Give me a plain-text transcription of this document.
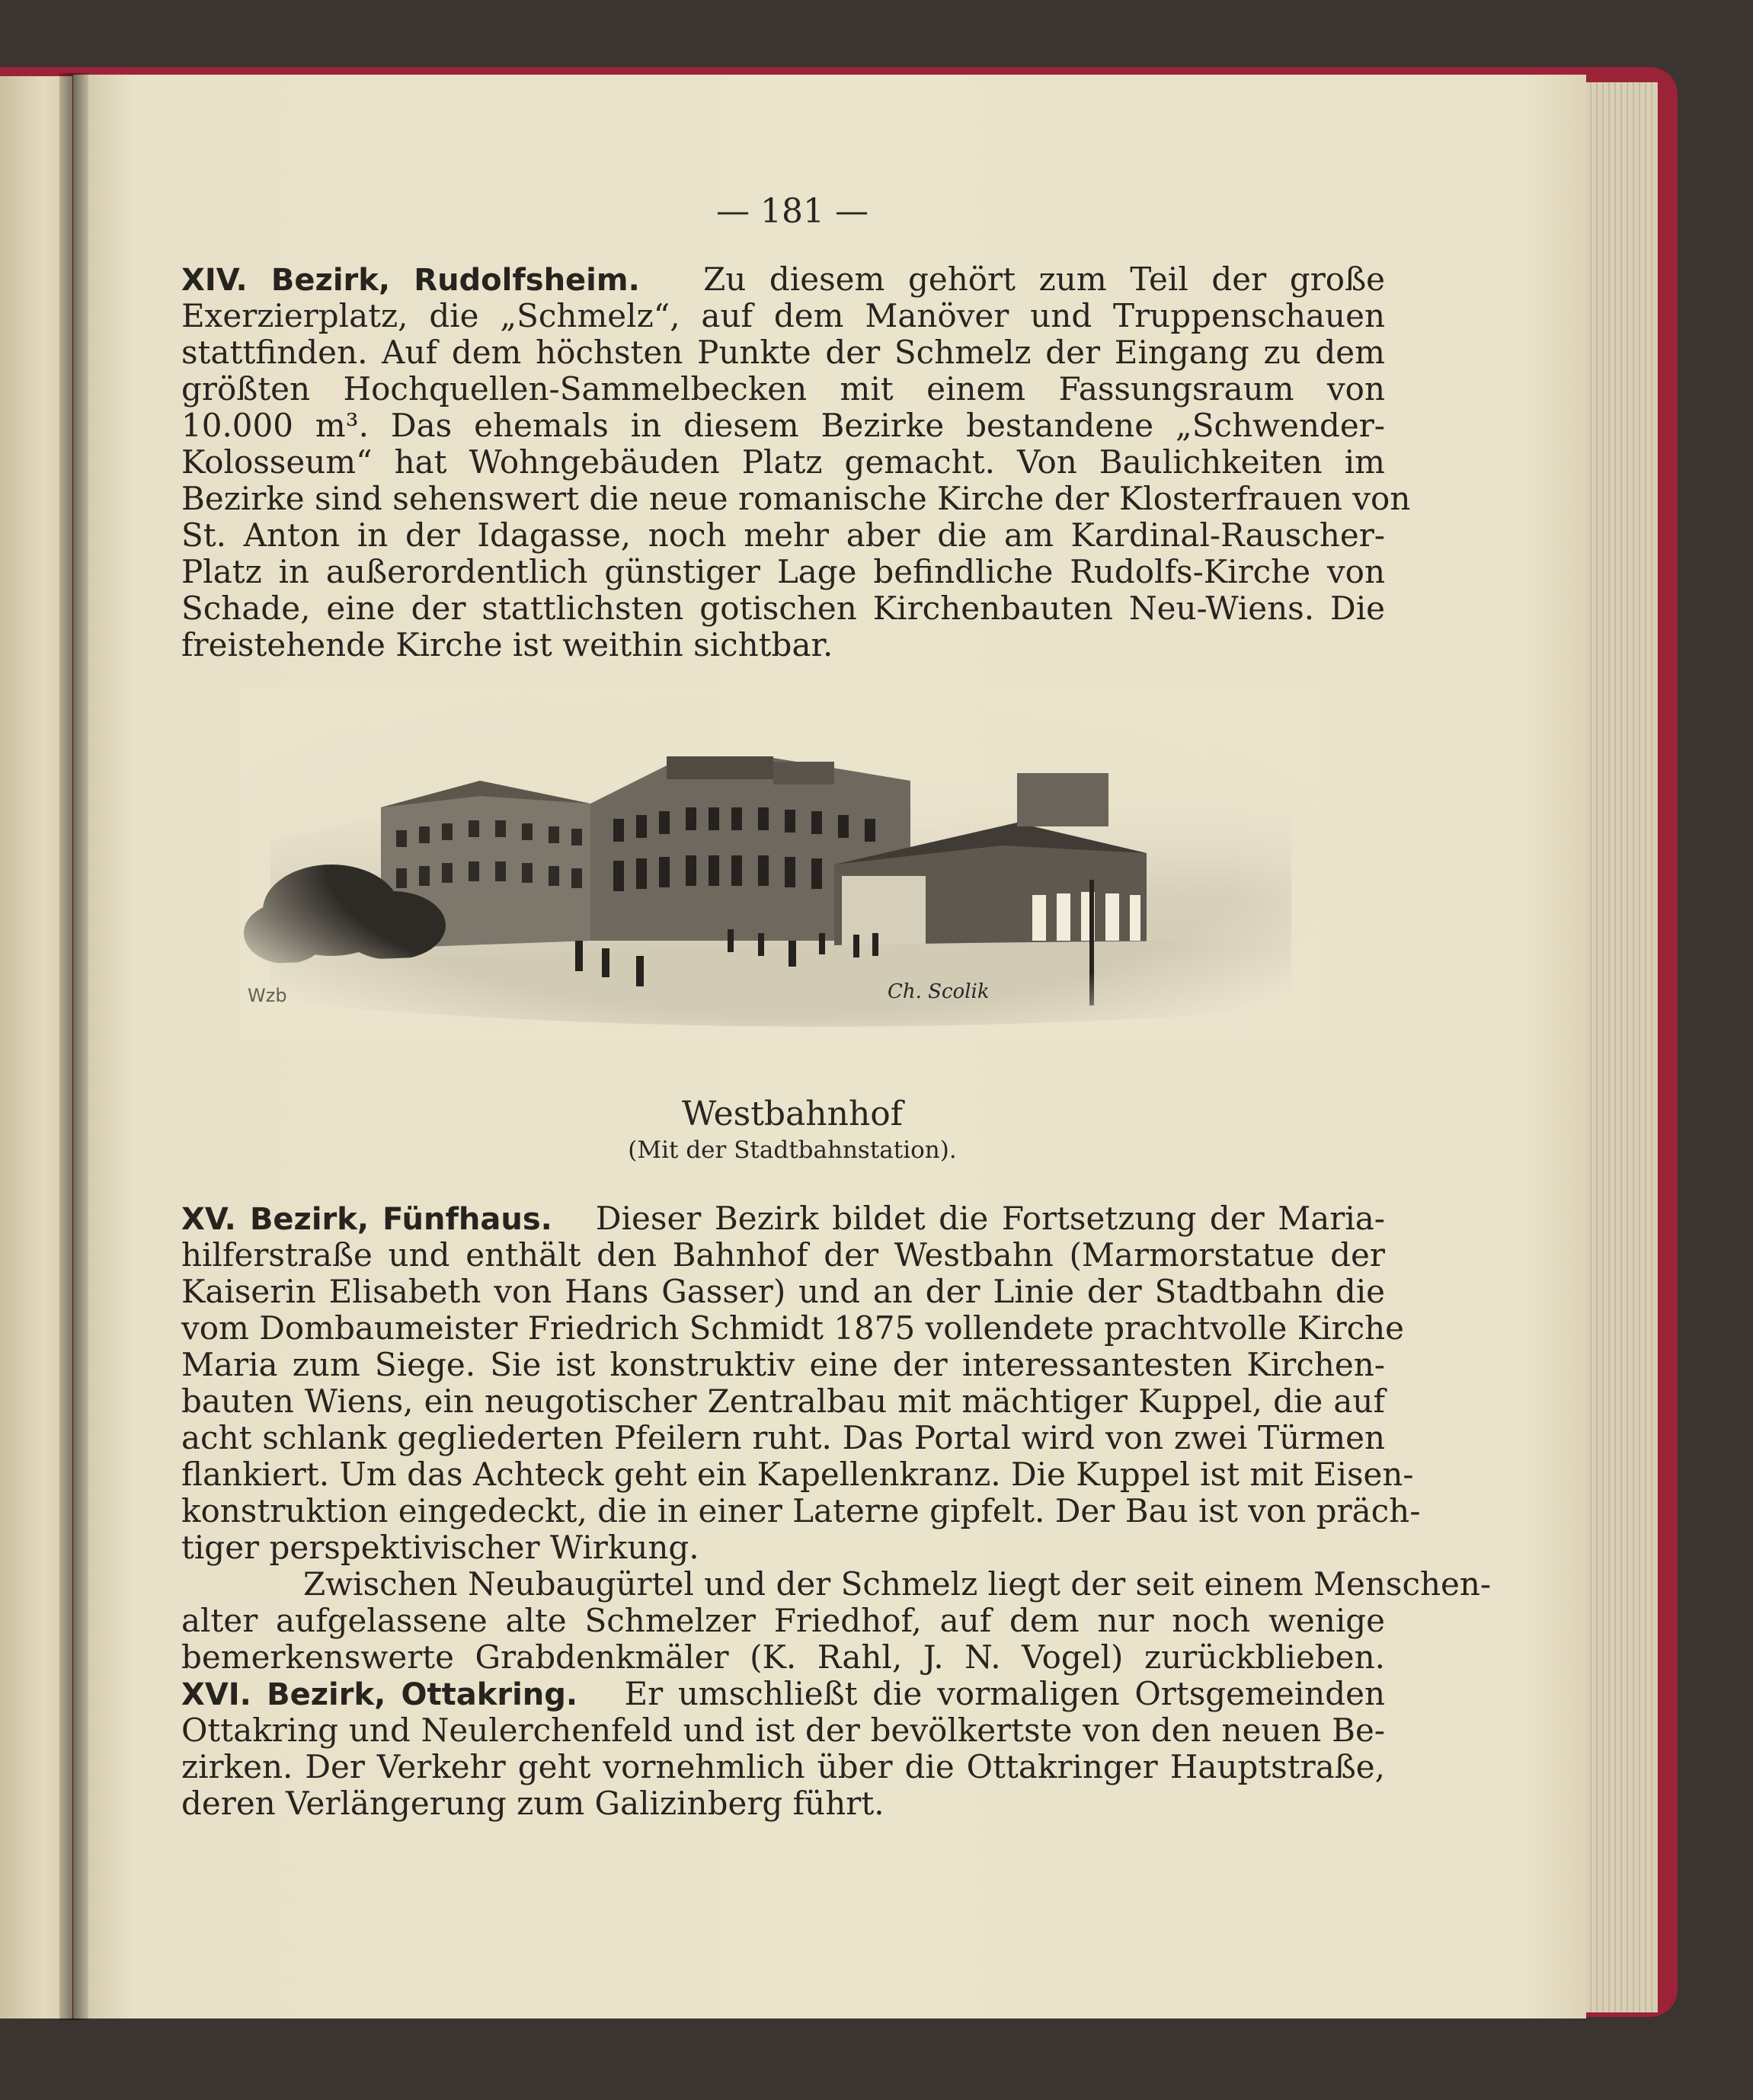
— 181 —
XIV. Bezirk, Rudolfsheim. Zu diesem gehört zum Teil der große
Exerzierplatz, die „Schmelz“, auf dem Manöver und Truppenschauen
stattfinden. Auf dem höchsten Punkte der Schmelz der Eingang zu dem
größten Hochquellen-Sammelbecken mit einem Fassungsraum von
10.000 m³. Das ehemals in diesem Bezirke bestandene „Schwender-
Kolosseum“ hat Wohngebäuden Platz gemacht. Von Baulichkeiten im
Bezirke sind sehenswert die neue romanische Kirche der Klosterfrauen von
St. Anton in der Idagasse, noch mehr aber die am Kardinal-Rauscher-
Platz in außerordentlich günstiger Lage befindliche Rudolfs-Kirche von
Schade, eine der stattlichsten gotischen Kirchenbauten Neu-Wiens. Die
freistehende Kirche ist weithin sichtbar.
Wzb	Ch. Scolik
Westbahnhof
(Mit der Stadtbahnstation).
XV. Bezirk, Fünfhaus. Dieser Bezirk bildet die Fortsetzung der Maria-
hilferstraße und enthält den Bahnhof der Westbahn (Marmorstatue der
Kaiserin Elisabeth von Hans Gasser) und an der Linie der Stadtbahn die
vom Dombaumeister Friedrich Schmidt 1875 vollendete prachtvolle Kirche
Maria zum Siege. Sie ist konstruktiv eine der interessantesten Kirchen-
bauten Wiens, ein neugotischer Zentralbau mit mächtiger Kuppel, die auf
acht schlank gegliederten Pfeilern ruht. Das Portal wird von zwei Türmen
flankiert. Um das Achteck geht ein Kapellenkranz. Die Kuppel ist mit Eisen-
konstruktion eingedeckt, die in einer Laterne gipfelt. Der Bau ist von präch-
tiger perspektivischer Wirkung.
Zwischen Neubaugürtel und der Schmelz liegt der seit einem Menschen-
alter aufgelassene alte Schmelzer Friedhof, auf dem nur noch wenige
bemerkenswerte Grabdenkmäler (K. Rahl, J. N. Vogel) zurückblieben.
XVI. Bezirk, Ottakring. Er umschließt die vormaligen Ortsgemeinden
Ottakring und Neulerchenfeld und ist der bevölkertste von den neuen Be-
zirken. Der Verkehr geht vornehmlich über die Ottakringer Hauptstraße,
deren Verlängerung zum Galizinberg führt.
